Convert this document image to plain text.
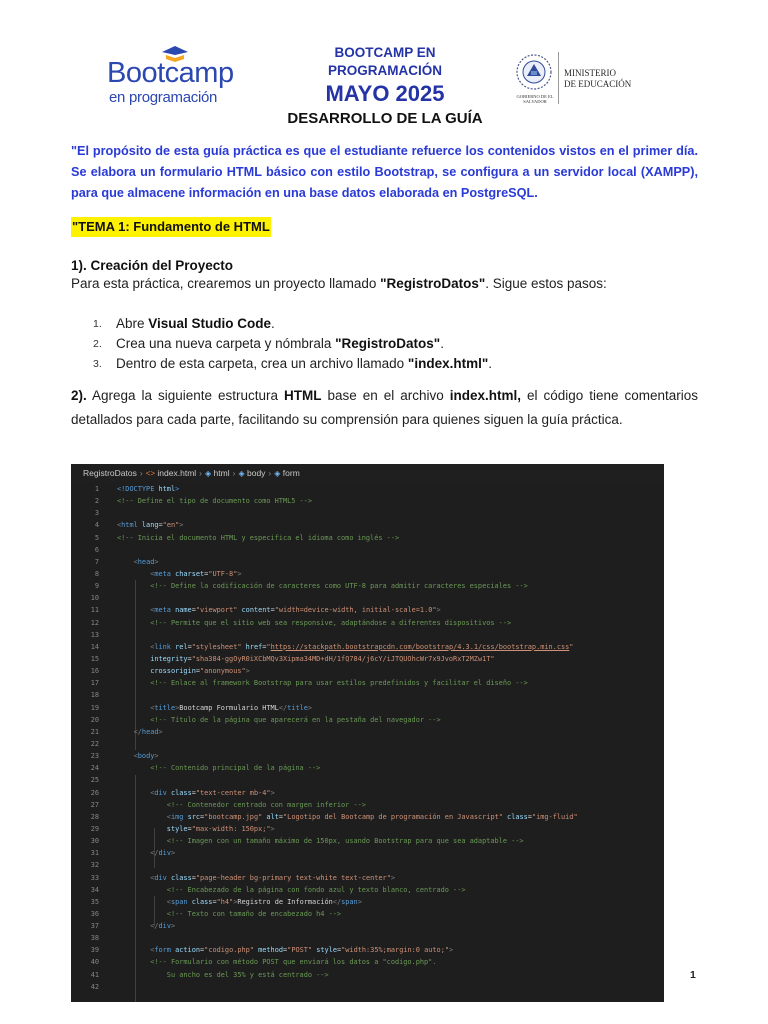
Bootcamp
en programación
BOOTCAMP EN
PROGRAMACIÓN
MAYO 2025
DESARROLLO DE LA GUÍA
GOBIERNO DE EL SALVADOR
MINISTERIO
DE EDUCACIÓN
"El propósito de esta guía práctica es que el estudiante refuerce los contenidos vistos en el primer día. Se elabora un formulario HTML básico con estilo Bootstrap, se configura a un servidor local (XAMPP), para que almacene información en una base datos elaborada en PostgreSQL.
"TEMA 1: Fundamento de HTML
1). Creación del Proyecto
Para esta práctica, crearemos un proyecto llamado "RegistroDatos". Sigue estos pasos:
1. Abre Visual Studio Code.
2. Crea una nueva carpeta y nómbrala "RegistroDatos".
3. Dentro de esta carpeta, crea un archivo llamado "index.html".
2). Agrega la siguiente estructura HTML base en el archivo index.html, el código tiene comentarios detallados para cada parte, facilitando su comprensión para quienes siguen la guía práctica.
RegistroDatos › <> index.html › ◈ html › ◈ body › ◈ form
1	<!DOCTYPE html>
2	<!-- Define el tipo de documento como HTML5 -->
3
4	<html lang="en">
5	<!-- Inicia el documento HTML y especifica el idioma como inglés -->
6
7	<head>
8	<meta charset="UTF-8">
9	<!-- Define la codificación de caracteres como UTF-8 para admitir caracteres especiales -->
10
11	<meta name="viewport" content="width=device-width, initial-scale=1.0">
12	<!-- Permite que el sitio web sea responsive, adaptándose a diferentes dispositivos -->
13
14	<link rel="stylesheet" href="https://stackpath.bootstrapcdn.com/bootstrap/4.3.1/css/bootstrap.min.css"
15	integrity="sha384-ggOyR0iXCbMQv3Xipma34MD+dH/1fQ784/j6cY/iJTQUOhcWr7x9JvoRxT2MZw1T"
16	crossorigin="anonymous">
17	<!-- Enlace al framework Bootstrap para usar estilos predefinidos y facilitar el diseño -->
18
19	<title>Bootcamp Formulario HTML</title>
20	<!-- Título de la página que aparecerá en la pestaña del navegador -->
21	</head>
22
23	<body>
24	<!-- Contenido principal de la página -->
25
26	<div class="text-center mb-4">
27	<!-- Contenedor centrado con margen inferior -->
28	<img src="bootcamp.jpg" alt="Logotipo del Bootcamp de programación en Javascript" class="img-fluid"
29	style="max-width: 150px;">
30	<!-- Imagen con un tamaño máximo de 150px, usando Bootstrap para que sea adaptable -->
31	</div>
32
33	<div class="page-header bg-primary text-white text-center">
34	<!-- Encabezado de la página con fondo azul y texto blanco, centrado -->
35	<span class="h4">Registro de Información</span>
36	<!-- Texto con tamaño de encabezado h4 -->
37	</div>
38
39	<form action="codigo.php" method="POST" style="width:35%;margin:0 auto;">
40	<!-- Formulario con método POST que enviará los datos a "codigo.php".
41	Su ancho es del 35% y está centrado -->
42
1
